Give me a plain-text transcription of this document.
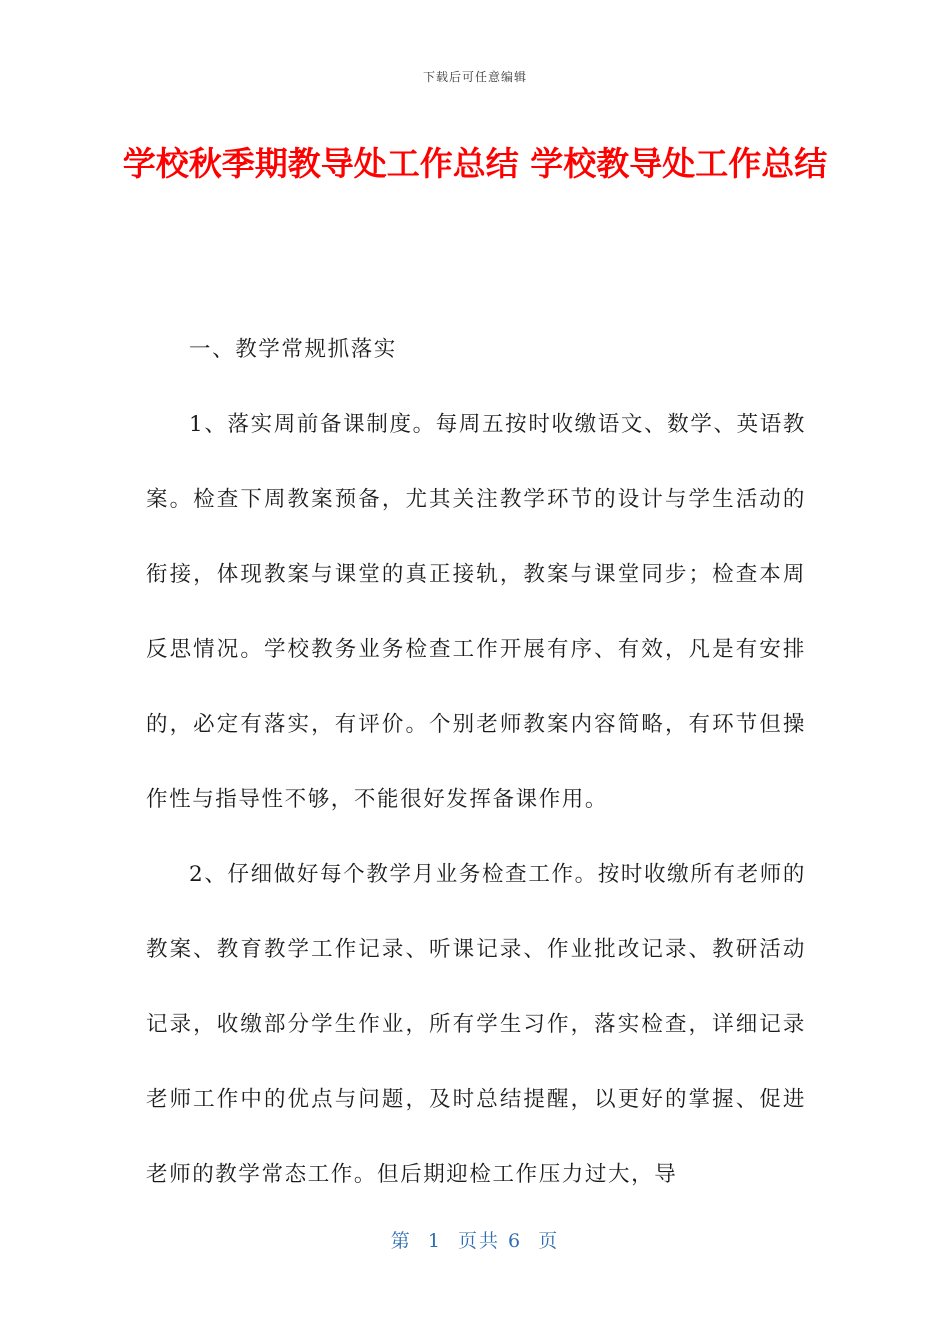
下载后可任意编辑
学校秋季期教导处工作总结 学校教导处工作总结

一、教学常规抓落实

1、落实周前备课制度。每周五按时收缴语文、数学、英语教案。检查下周教案预备，尤其关注教学环节的设计与学生活动的衔接，体现教案与课堂的真正接轨，教案与课堂同步；检查本周反思情况。学校教务业务检查工作开展有序、有效，凡是有安排的，必定有落实，有评价。个别老师教案内容简略，有环节但操作性与指导性不够，不能很好发挥备课作用。

2、仔细做好每个教学月业务检查工作。按时收缴所有老师的教案、教育教学工作记录、听课记录、作业批改记录、教研活动记录，收缴部分学生作业，所有学生习作，落实检查，详细记录老师工作中的优点与问题，及时总结提醒，以更好的掌握、促进老师的教学常态工作。但后期迎检工作压力过大，导

第  1  页共 6  页
